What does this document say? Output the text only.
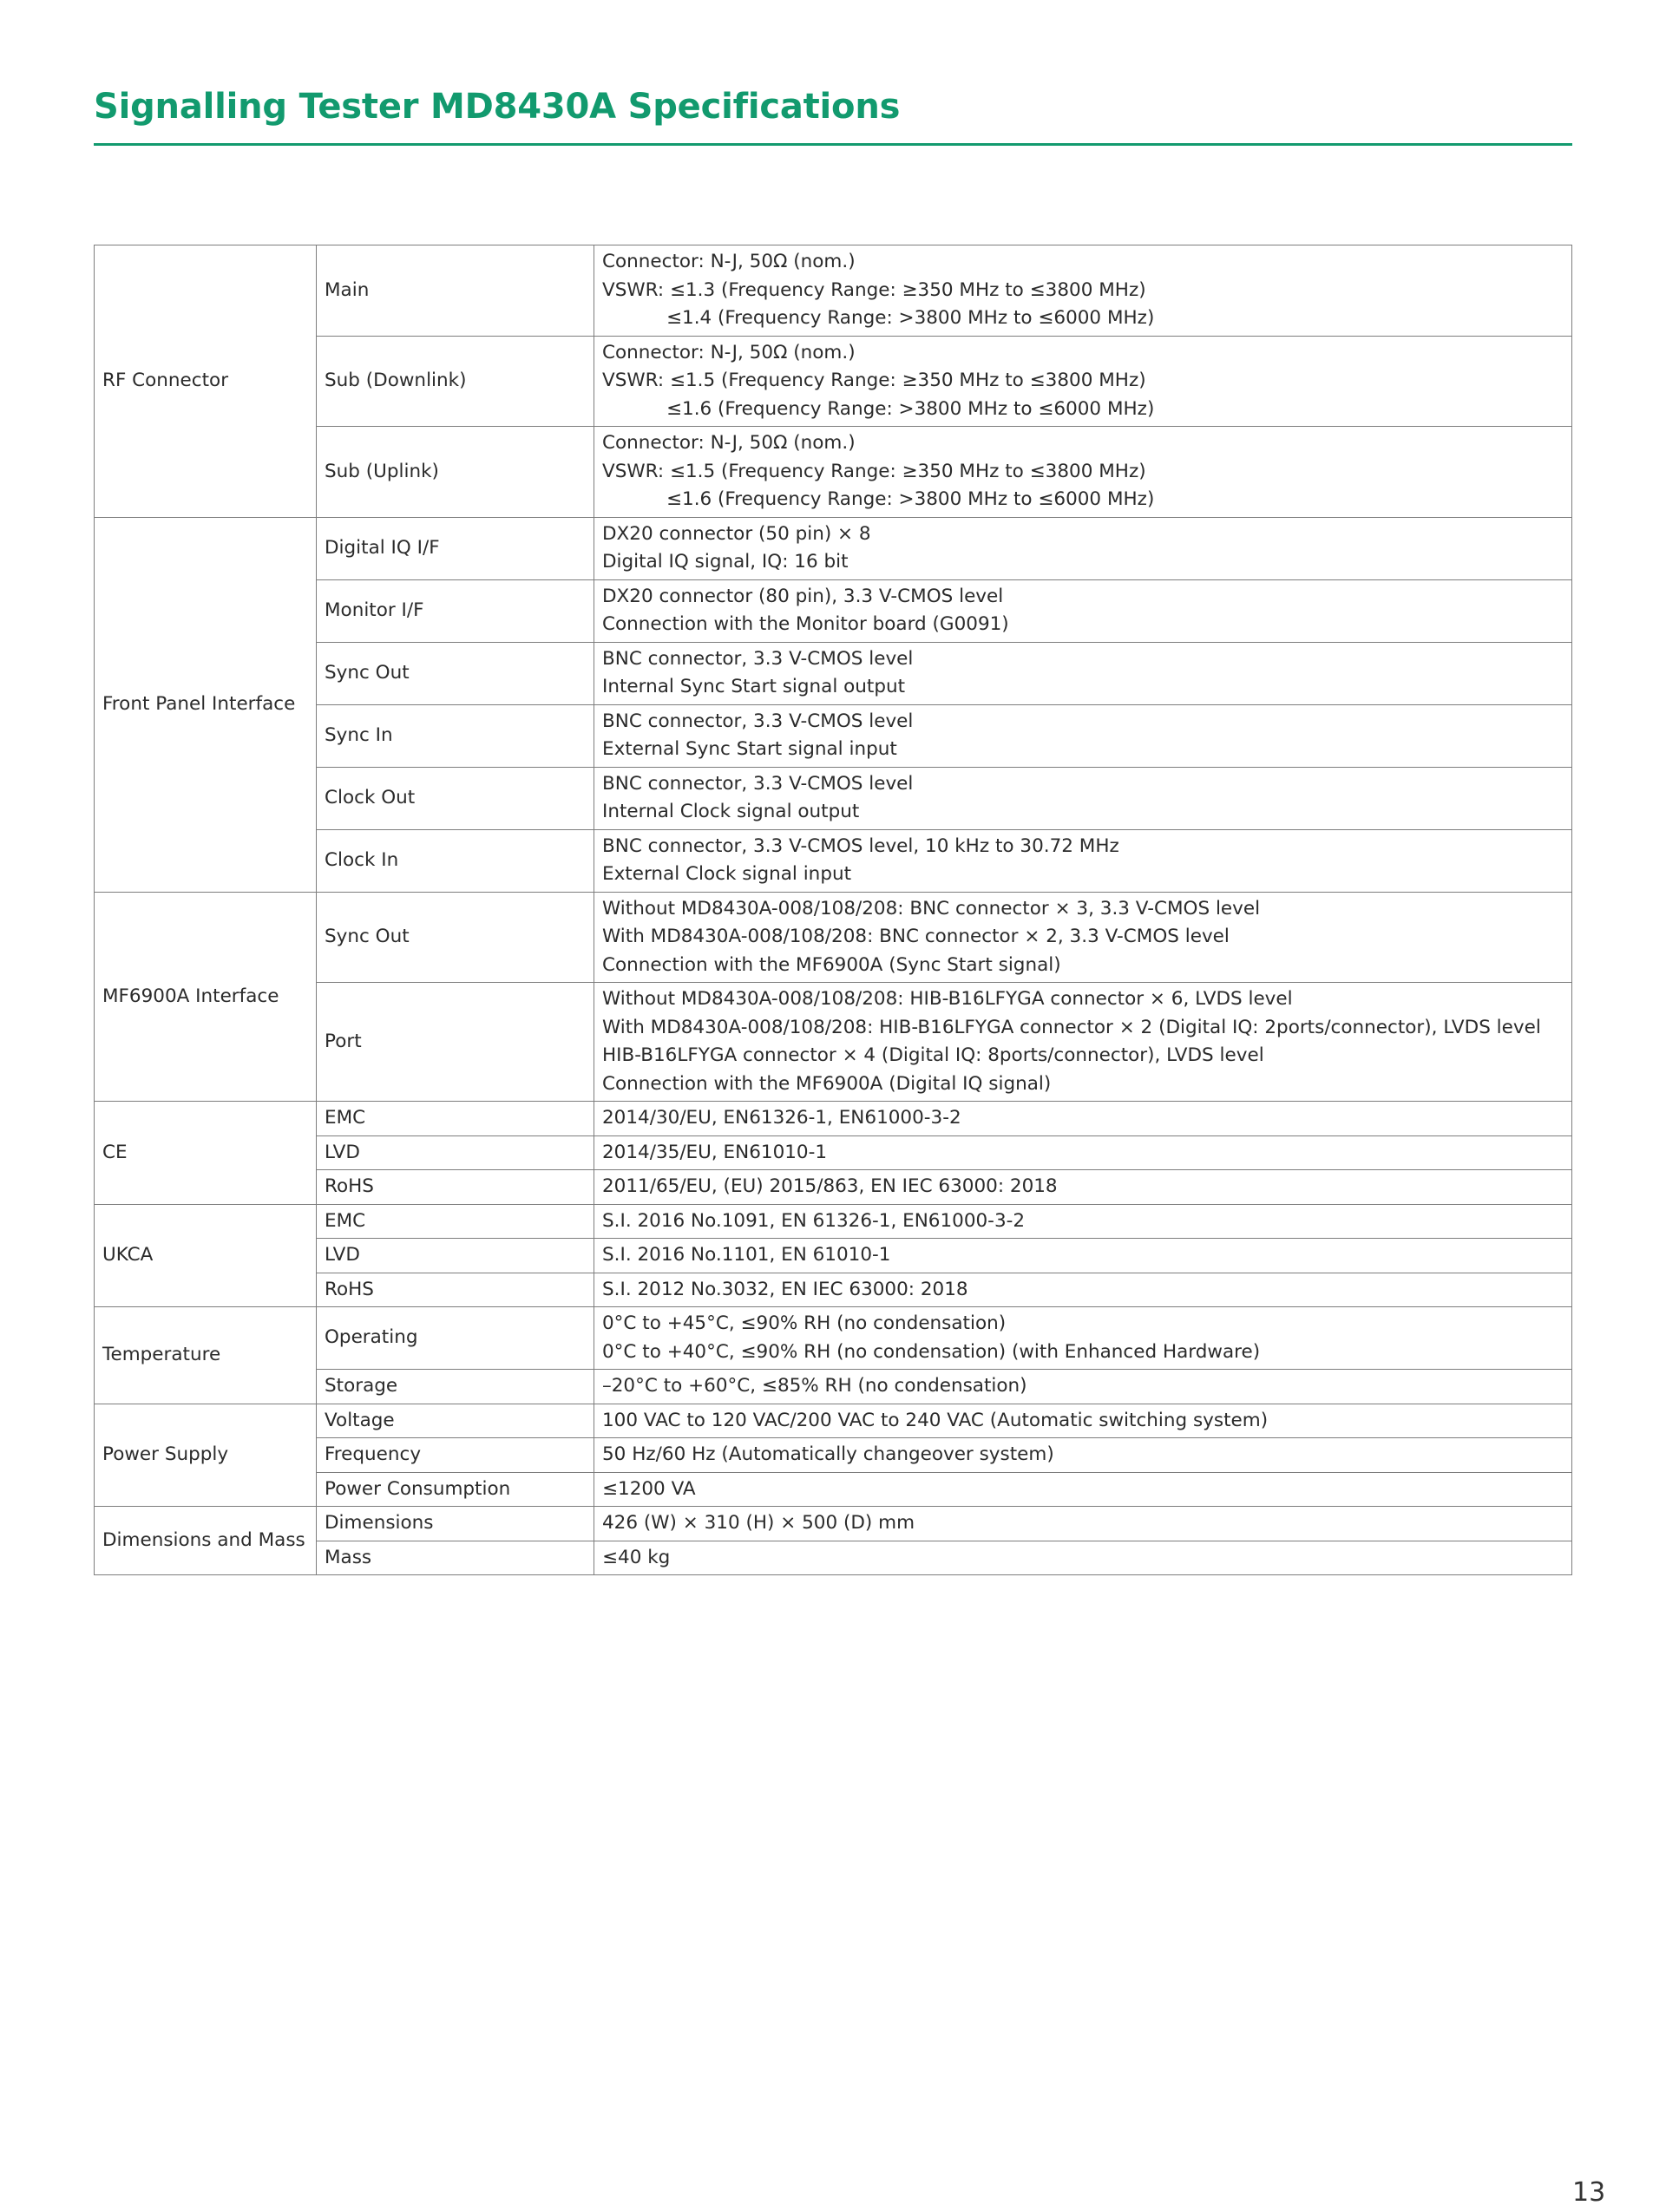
Signalling Tester MD8430A Specifications
RF Connector	Main	Connector: N-J, 50Ω (nom.)
VSWR: ≤1.3 (Frequency Range: ≥350 MHz to ≤3800 MHz)
≤1.4 (Frequency Range: >3800 MHz to ≤6000 MHz)

	Sub (Downlink)	Connector: N-J, 50Ω (nom.)
VSWR: ≤1.5 (Frequency Range: ≥350 MHz to ≤3800 MHz)
≤1.6 (Frequency Range: >3800 MHz to ≤6000 MHz)

	Sub (Uplink)	Connector: N-J, 50Ω (nom.)
VSWR: ≤1.5 (Frequency Range: ≥350 MHz to ≤3800 MHz)
≤1.6 (Frequency Range: >3800 MHz to ≤6000 MHz)

Front Panel Interface	Digital IQ I/F	DX20 connector (50 pin) × 8
Digital IQ signal, IQ: 16 bit

	Monitor I/F	DX20 connector (80 pin), 3.3 V-CMOS level
Connection with the Monitor board (G0091)

	Sync Out	BNC connector, 3.3 V-CMOS level
Internal Sync Start signal output

	Sync In	BNC connector, 3.3 V-CMOS level
External Sync Start signal input

	Clock Out	BNC connector, 3.3 V-CMOS level
Internal Clock signal output

	Clock In	BNC connector, 3.3 V-CMOS level, 10 kHz to 30.72 MHz
External Clock signal input

MF6900A Interface	Sync Out	Without MD8430A-008/108/208: BNC connector × 3, 3.3 V-CMOS level
With MD8430A-008/108/208: BNC connector × 2, 3.3 V-CMOS level
Connection with the MF6900A (Sync Start signal)

	Port	Without MD8430A-008/108/208: HIB-B16LFYGA connector × 6, LVDS level
With MD8430A-008/108/208: HIB-B16LFYGA connector × 2 (Digital IQ: 2ports/connector), LVDS level
HIB-B16LFYGA connector × 4 (Digital IQ: 8ports/connector), LVDS level
Connection with the MF6900A (Digital IQ signal)

CE	EMC	2014/30/EU, EN61326-1, EN61000-3-2

	LVD	2014/35/EU, EN61010-1

	RoHS	2011/65/EU, (EU) 2015/863, EN IEC 63000: 2018

UKCA	EMC	S.I. 2016 No.1091, EN 61326-1, EN61000-3-2

	LVD	S.I. 2016 No.1101, EN 61010-1

	RoHS	S.I. 2012 No.3032, EN IEC 63000: 2018

Temperature	Operating	0°C to +45°C, ≤90% RH (no condensation)
0°C to +40°C, ≤90% RH (no condensation) (with Enhanced Hardware)

	Storage	–20°C to +60°C, ≤85% RH (no condensation)

Power Supply	Voltage	100 VAC to 120 VAC/200 VAC to 240 VAC (Automatic switching system)

	Frequency	50 Hz/60 Hz (Automatically changeover system)

	Power Consumption	≤1200 VA

Dimensions and Mass	Dimensions	426 (W) × 310 (H) × 500 (D) mm

	Mass	≤40 kg
13
